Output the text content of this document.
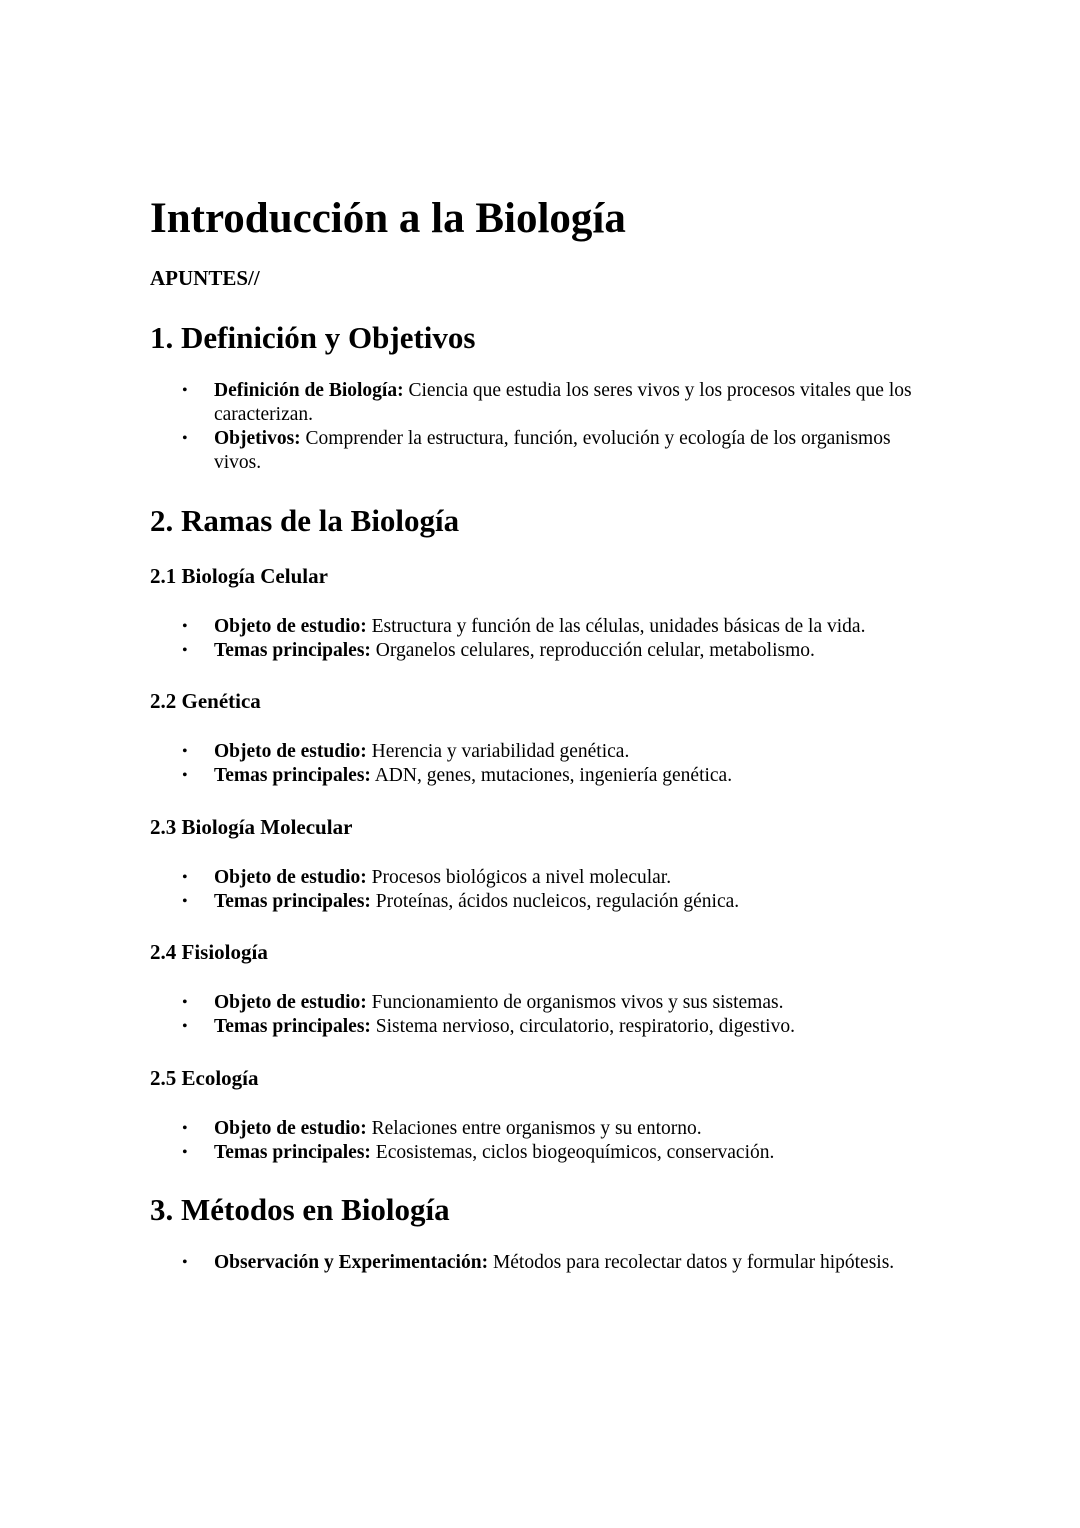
Introducción a la Biología
APUNTES//
1. Definición y Objetivos
• Definición de Biología: Ciencia que estudia los seres vivos y los procesos vitales que los caracterizan.
• Objetivos: Comprender la estructura, función, evolución y ecología de los organismos vivos.
2. Ramas de la Biología
2.1 Biología Celular
• Objeto de estudio: Estructura y función de las células, unidades básicas de la vida.
• Temas principales: Organelos celulares, reproducción celular, metabolismo.
2.2 Genética
• Objeto de estudio: Herencia y variabilidad genética.
• Temas principales: ADN, genes, mutaciones, ingeniería genética.
2.3 Biología Molecular
• Objeto de estudio: Procesos biológicos a nivel molecular.
• Temas principales: Proteínas, ácidos nucleicos, regulación génica.
2.4 Fisiología
• Objeto de estudio: Funcionamiento de organismos vivos y sus sistemas.
• Temas principales: Sistema nervioso, circulatorio, respiratorio, digestivo.
2.5 Ecología
• Objeto de estudio: Relaciones entre organismos y su entorno.
• Temas principales: Ecosistemas, ciclos biogeoquímicos, conservación.
3. Métodos en Biología
• Observación y Experimentación: Métodos para recolectar datos y formular hipótesis.
